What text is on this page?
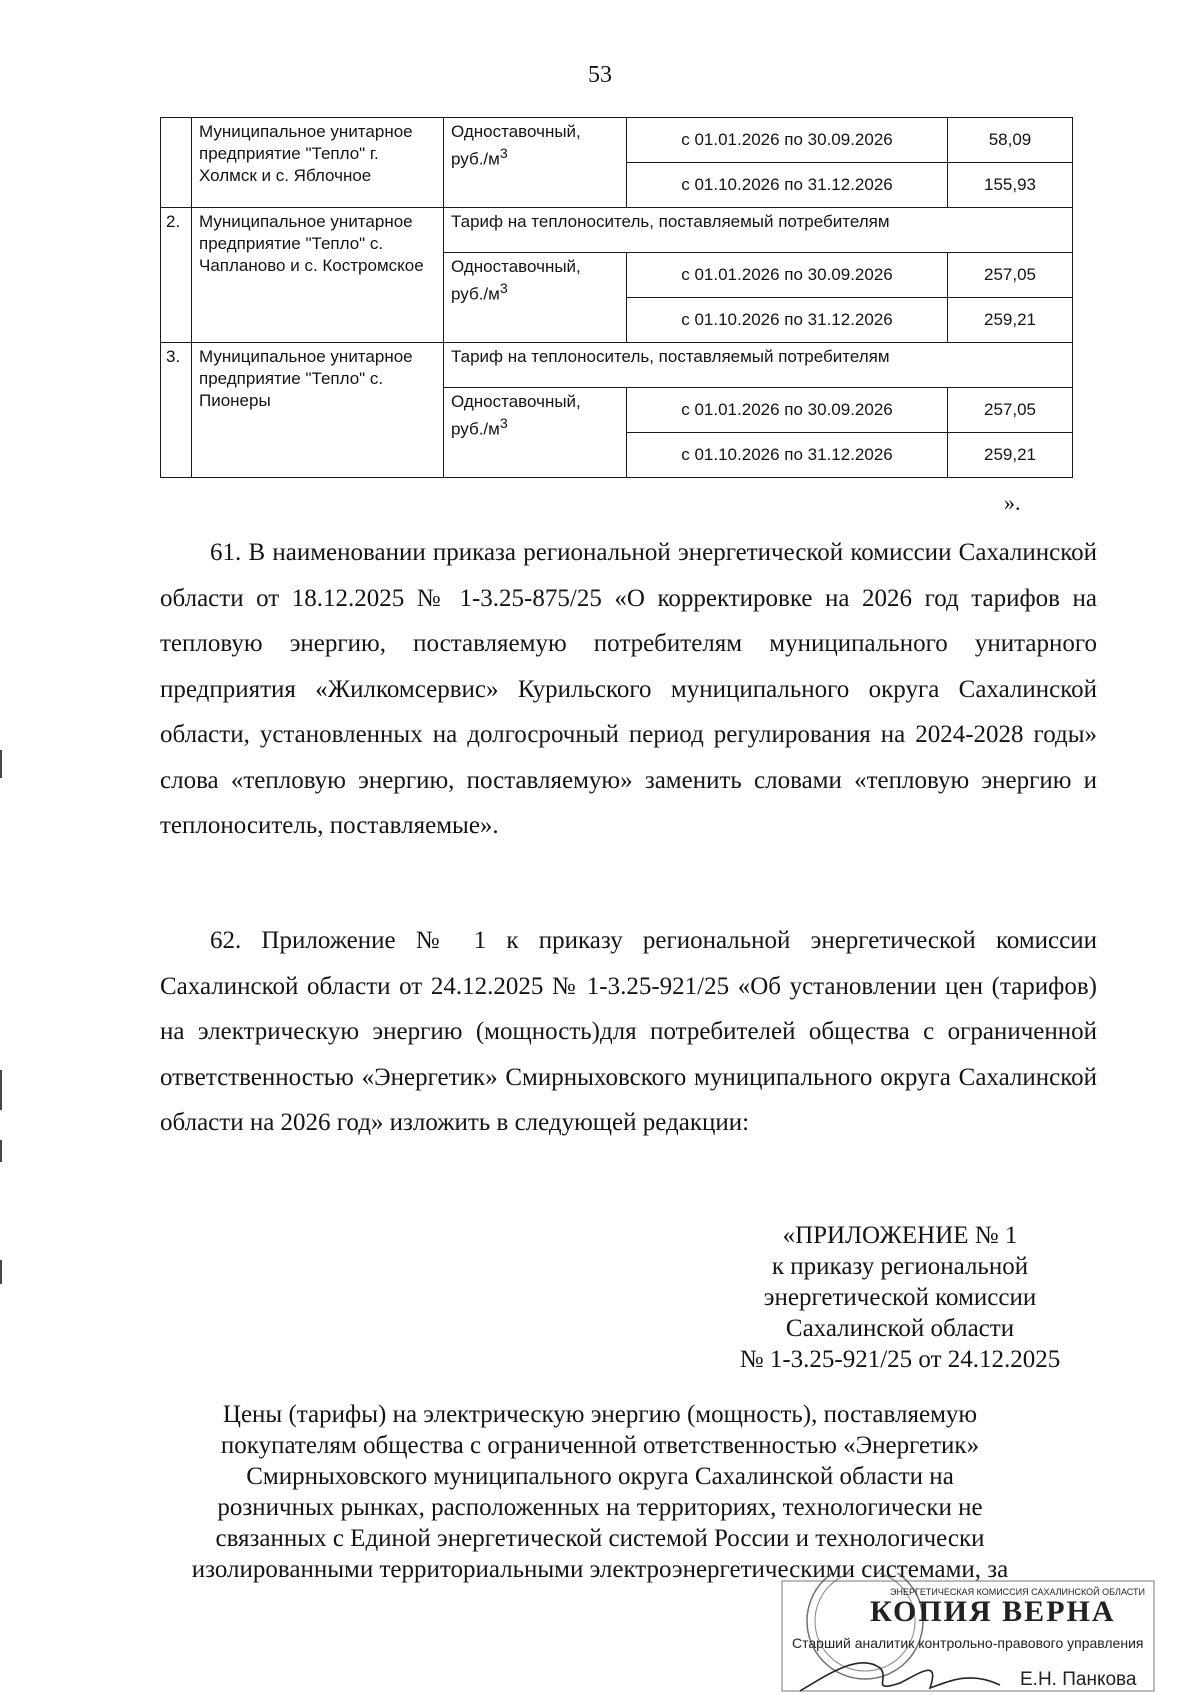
53
	Муниципальное унитарное предприятие "Тепло" г. Холмск и с. Яблочное	Одноставочный, $руб./м^3$	с 01.01.2026 по 30.09.2026	58,09
			с 01.10.2026 по 31.12.2026	155,93
2.	Муниципальное унитарное предприятие "Тепло" с. Чапланово и с. Костромское	Тариф на теплоноситель, поставляемый потребителям		
		Одноставочный, $руб./м^3$	с 01.01.2026 по 30.09.2026	257,05
			с 01.10.2026 по 31.12.2026	259,21
3.	Муниципальное унитарное предприятие "Тепло" с. Пионеры	Тариф на теплоноситель, поставляемый потребителям		
		Одноставочный, $руб./м^3$	с 01.01.2026 по 30.09.2026	257,05
			с 01.10.2026 по 31.12.2026	259,21
».

61. В наименовании приказа региональной энергетической комиссии Сахалинской области от 18.12.2025 № 1-3.25-875/25 «О корректировке на 2026 год тарифов на тепловую энергию, поставляемую потребителям муниципального унитарного предприятия «Жилкомсервис» Курильского муниципального округа Сахалинской области, установленных на долгосрочный период регулирования на 2024-2028 годы» слова «тепловую энергию, поставляемую» заменить словами «тепловую энергию и теплоноситель, поставляемые».

62. Приложение № 1 к приказу региональной энергетической комиссии Сахалинской области от 24.12.2025 № 1-3.25-921/25 «Об установлении цен (тарифов) на электрическую энергию (мощность)для потребителей общества с ограниченной ответственностью «Энергетик» Смирныховского муниципального округа Сахалинской области на 2026 год» изложить в следующей редакции:

«ПРИЛОЖЕНИЕ № 1
к приказу региональной
энергетической комиссии
Сахалинской области
№ 1-3.25-921/25 от 24.12.2025
Цены (тарифы) на электрическую энергию (мощность), поставляемую
покупателям общества с ограниченной ответственностью «Энергетик»
Смирныховского муниципального округа Сахалинской области на
розничных рынках, расположенных на территориях, технологически не
связанных с Единой энергетической системой России и технологически
изолированными территориальными электроэнергетическими системами, за
ЭНЕРГЕТИЧЕСКАЯ КОМИССИЯ САХАЛИНСКОЙ ОБЛАСТИ
КОПИЯ ВЕРНА
Старший аналитик контрольно-правового управления
Е.Н. Панкова
